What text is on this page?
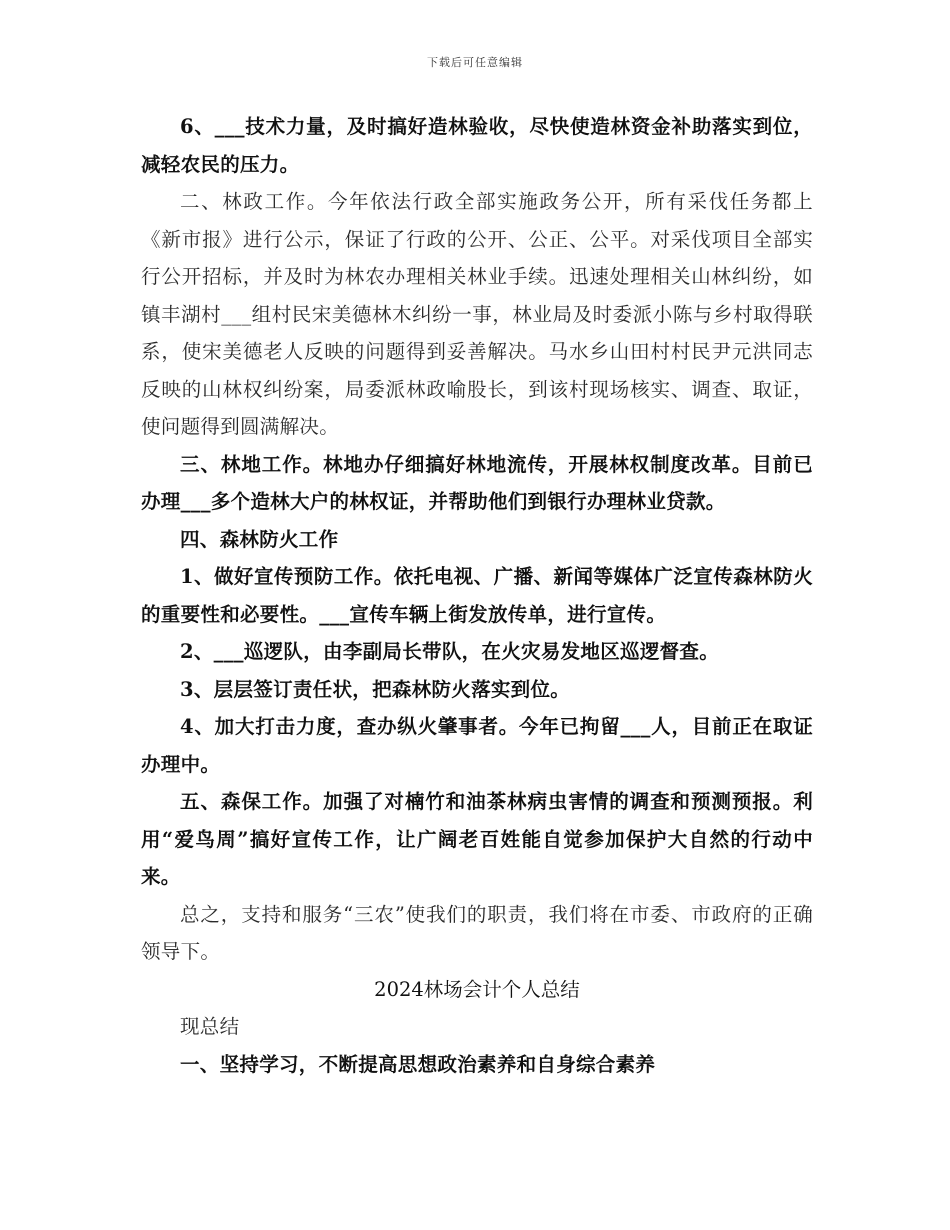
下载后可任意编辑

6、___技术力量，及时搞好造林验收，尽快使造林资金补助落实到位，减轻农民的压力。

二、林政工作。今年依法行政全部实施政务公开，所有采伐任务都上《新市报》进行公示，保证了行政的公开、公正、公平。对采伐项目全部实行公开招标，并及时为林农办理相关林业手续。迅速处理相关山林纠纷，如镇丰湖村___组村民宋美德林木纠纷一事，林业局及时委派小陈与乡村取得联系，使宋美德老人反映的问题得到妥善解决。马水乡山田村村民尹元洪同志反映的山林权纠纷案，局委派林政喻股长，到该村现场核实、调查、取证，使问题得到圆满解决。

三、林地工作。林地办仔细搞好林地流传，开展林权制度改革。目前已办理___多个造林大户的林权证，并帮助他们到银行办理林业贷款。

四、森林防火工作

1、做好宣传预防工作。依托电视、广播、新闻等媒体广泛宣传森林防火的重要性和必要性。___宣传车辆上街发放传单，进行宣传。

2、___巡逻队，由李副局长带队，在火灾易发地区巡逻督查。

3、层层签订责任状，把森林防火落实到位。

4、加大打击力度，查办纵火肇事者。今年已拘留___人，目前正在取证办理中。

五、森保工作。加强了对楠竹和油茶林病虫害情的调查和预测预报。利用“爱鸟周”搞好宣传工作，让广阔老百姓能自觉参加保护大自然的行动中来。

总之，支持和服务“三农”使我们的职责，我们将在市委、市政府的正确领导下。

2024林场会计个人总结

现总结

一、坚持学习，不断提高思想政治素养和自身综合素养
